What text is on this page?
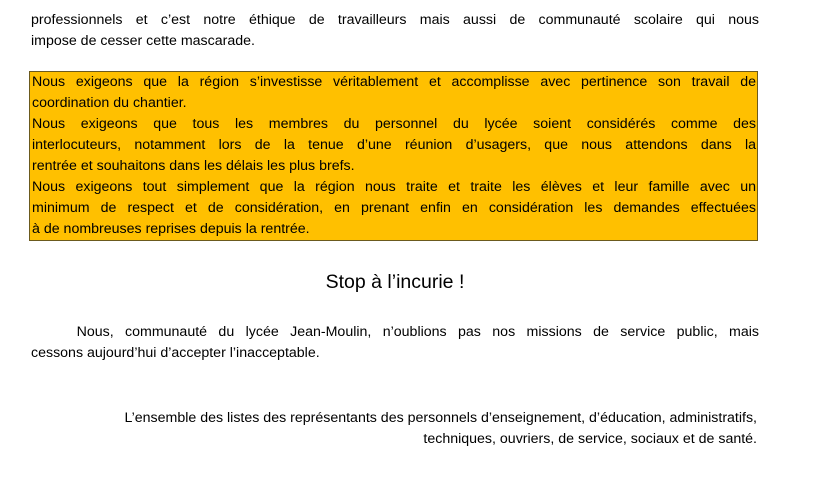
professionnels et c’est notre éthique de travailleurs mais aussi de communauté scolaire qui nous
impose de cesser cette mascarade.

Nous exigeons que la région s’investisse véritablement et accomplisse avec pertinence son travail de
coordination du chantier.
Nous exigeons que tous les membres du personnel du lycée soient considérés comme des
interlocuteurs, notamment lors de la tenue d’une réunion d’usagers, que nous attendons dans la
rentrée et souhaitons dans les délais les plus brefs.
Nous exigeons tout simplement que la région nous traite et traite les élèves et leur famille avec un
minimum de respect et de considération, en prenant enfin en considération les demandes effectuées
à de nombreuses reprises depuis la rentrée.

Stop à l’incurie !

Nous, communauté du lycée Jean-Moulin, n’oublions pas nos missions de service public, mais
cessons aujourd’hui d’accepter l’inacceptable.

L’ensemble des listes des représentants des personnels d’enseignement, d’éducation, administratifs,
techniques, ouvriers, de service, sociaux et de santé.
